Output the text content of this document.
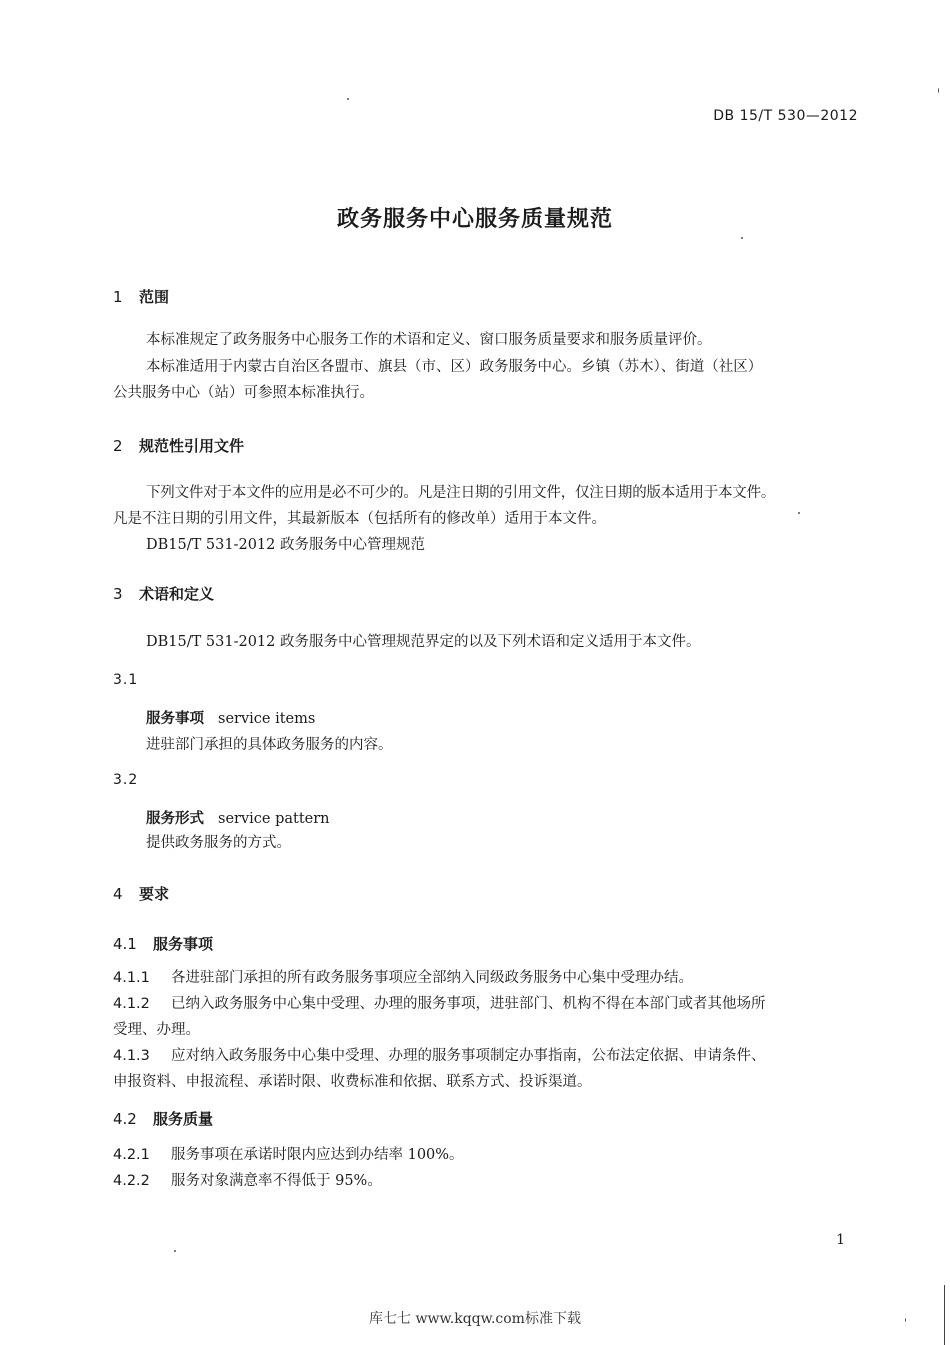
DB 15/T 530—2012
政务服务中心服务质量规范
1 范围
本标准规定了政务服务中心服务工作的术语和定义、窗口服务质量要求和服务质量评价。
本标准适用于内蒙古自治区各盟市、旗县（市、区）政务服务中心。乡镇（苏木）、街道（社区）
公共服务中心（站）可参照本标准执行。
2 规范性引用文件
下列文件对于本文件的应用是必不可少的。凡是注日期的引用文件，仅注日期的版本适用于本文件。
凡是不注日期的引用文件，其最新版本（包括所有的修改单）适用于本文件。
DB15/T 531-2012 政务服务中心管理规范
3 术语和定义
DB15/T 531-2012 政务服务中心管理规范界定的以及下列术语和定义适用于本文件。
3.1
服务事项 service items
进驻部门承担的具体政务服务的内容。
3.2
服务形式 service pattern
提供政务服务的方式。
4 要求
4.1 服务事项
4.1.1 各进驻部门承担的所有政务服务事项应全部纳入同级政务服务中心集中受理办结。
4.1.2 已纳入政务服务中心集中受理、办理的服务事项，进驻部门、机构不得在本部门或者其他场所
受理、办理。
4.1.3 应对纳入政务服务中心集中受理、办理的服务事项制定办事指南，公布法定依据、申请条件、
申报资料、申报流程、承诺时限、收费标准和依据、联系方式、投诉渠道。
4.2 服务质量
4.2.1 服务事项在承诺时限内应达到办结率 100%。
4.2.2 服务对象满意率不得低于 95%。
1
库七七 www.kqqw.com标准下载
